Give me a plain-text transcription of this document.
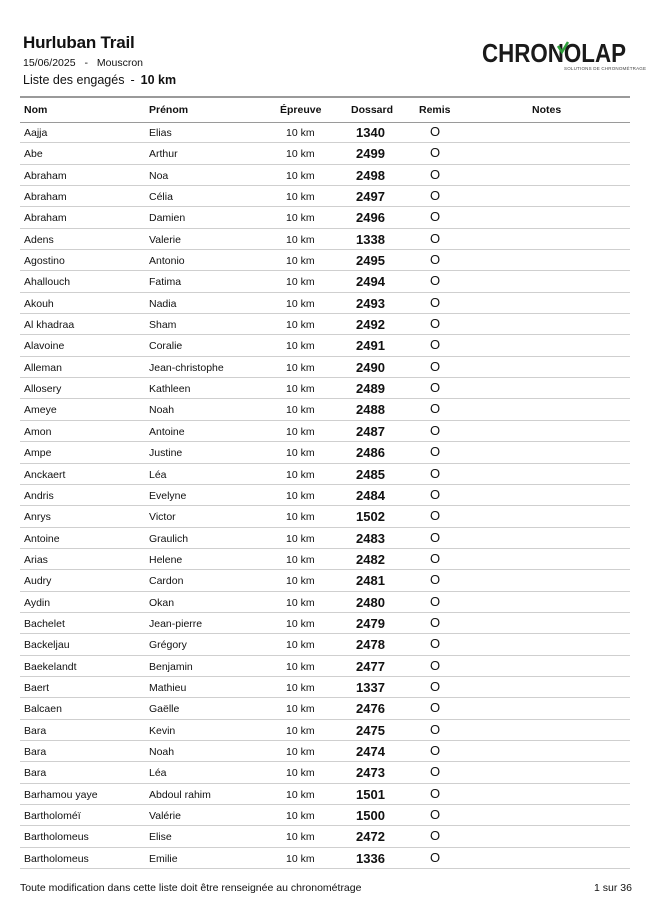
Hurluban Trail
15/06/2025 - Mouscron
Liste des engagés - 10 km
CHRONOLAP
SOLUTIONS DE CHRONOMÉTRAGE
Nom	Prénom	Épreuve	Dossard Remis	Notes
Aajja	Elias	10 km	1340	O
Abe	Arthur	10 km	2499	O
Abraham	Noa	10 km	2498	O
Abraham	Célia	10 km	2497	O
Abraham	Damien	10 km	2496	O
Adens	Valerie	10 km	1338	O
Agostino	Antonio	10 km	2495	O
Ahallouch	Fatima	10 km	2494	O
Akouh	Nadia	10 km	2493	O
Al khadraa	Sham	10 km	2492	O
Alavoine	Coralie	10 km	2491	O
Alleman	Jean-christophe	10 km	2490	O
Allosery	Kathleen	10 km	2489	O
Ameye	Noah	10 km	2488	O
Amon	Antoine	10 km	2487	O
Ampe	Justine	10 km	2486	O
Anckaert	Léa	10 km	2485	O
Andris	Evelyne	10 km	2484	O
Anrys	Victor	10 km	1502	O
Antoine	Graulich	10 km	2483	O
Arias	Helene	10 km	2482	O
Audry	Cardon	10 km	2481	O
Aydin	Okan	10 km	2480	O
Bachelet	Jean-pierre	10 km	2479	O
Backeljau	Grégory	10 km	2478	O
Baekelandt	Benjamin	10 km	2477	O
Baert	Mathieu	10 km	1337	O
Balcaen	Gaëlle	10 km	2476	O
Bara	Kevin	10 km	2475	O
Bara	Noah	10 km	2474	O
Bara	Léa	10 km	2473	O
Barhamou yaye	Abdoul rahim	10 km	1501	O
Bartholoméï	Valérie	10 km	1500	O
Bartholomeus	Elise	10 km	2472	O
Bartholomeus	Emilie	10 km	1336	O
Toute modification dans cette liste doit être renseignée au chronométrage	1 sur 36
